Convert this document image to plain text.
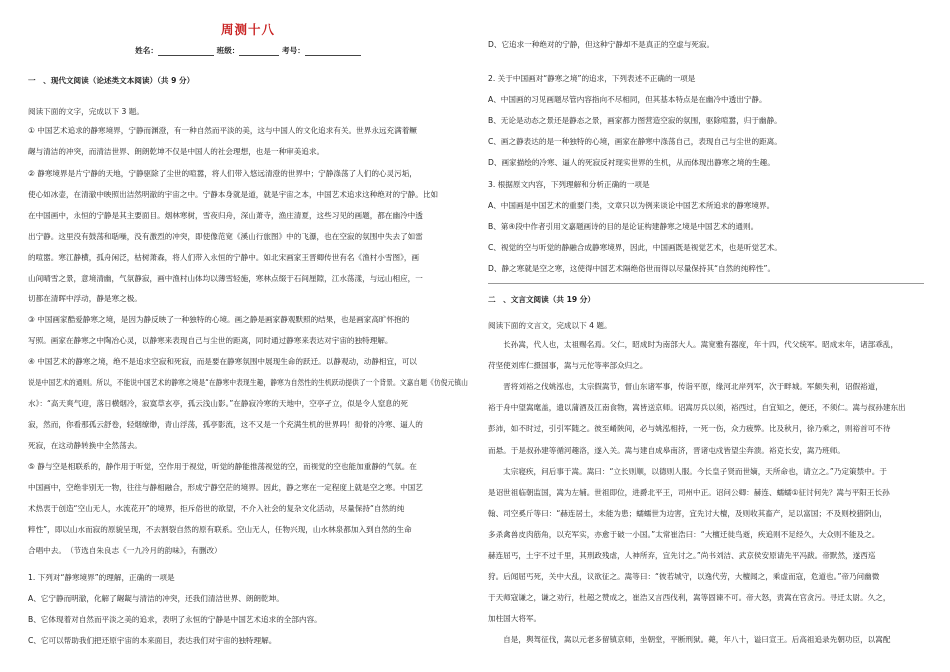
周测十八
姓名：	班级：	考号：
一　、现代文阅读（论述类文本阅读）（共 9 分）
阅读下面的文字，完成以下 3 题。
① 中国艺术追求的静寒境界，宁静而渊澄，有一种自然而平淡的美，这与中国人的文化追求有关。世界永远充满着鳜
龌与清洁的冲突，而清洁世界、朗朗乾坤不仅是中国人的社会理想，也是一种审美追求。
② 静寒境界是片宁静的天地，宁静驱除了尘世的喧嚣，将人们带入悠远清澄的世界中；宁静涤荡了人们的心灵污垢，
使心如冰壶，在清澈中映照出洁然明澈的宇宙之中。宁静本身就是道，就是宇宙之本，中国艺术追求这种绝对的宁静。比如
在中国画中，永恒的宁静是其主要面目。烟林寒树，雪夜归舟，深山萧寺，渔庄清夏，这些习见的画题，都在幽冷中透
出宁静。这里没有鼓荡和聒噪，没有激烈的冲突，即使像范宽《溪山行旅图》中的飞瀑，也在空寂的氛围中失去了如雷
的喧嚣。寒江静横，孤舟闲泛，枯树萧森，将人们带入永恒的宁静中。如北宋画家王晋卿传世有名《渔村小雪图》，画
山间晴雪之景，意境清幽，气氛静寂，画中渔村山体均以薄雪轻施，寒林点缀于石间厘隙，江水荡漾，与远山相应，一
切都在清晖中浮动，静是寒之极。
③ 中国画家酷爱静寒之境，是因为静反映了一种独特的心境。画之静是画家静观默照的结果，也是画家高旷怀抱的
写照。画家在静寒之中陶冶心灵，以静寒来表现自己与尘世的距离，同时通过静寒来表达对宇宙的独特理解。
④ 中国艺术的静寒之境，绝不是追求空寂和死寂，而是要在静寒氛围中展现生命的跃迁。以静观动，动静相宜，可以
说是中国艺术的通则。所以，不能说中国艺术的静寒之境是“在静寒中表现生趣，静寒为自然性的生机跃动提供了一个背景。文嘉自题《仿倪元镇山
水》：“高天爽气迎，落日横烟冷，寂寞草玄亭，孤云浅山影。”在静寂冷寒的天地中，空亭孑立，似是令人窒息的死
寂，然而，你看那孤云舒卷，轻烟缭缈，青山浮荡，孤亭影流，这不又是一个充满生机的世界吗！彻骨的冷寒、逼人的
死寂，在这动静转换中全然荡去。
⑤ 静与空是相联系的，静作用于听觉，空作用于视觉，听觉的静能推荡视觉的空，而视觉的空也能加重静的气氛。在
中国画中，空绝非别无一物，往往与静相融合，形成宁静空茫的境界。因此，静之寒在一定程度上就是空之寒。中国艺
术热衷于创造“空山无人，水流花开”的境界，拒斥俗世的欲望，不介入社会的复杂文化活动，尽量保持“自然的纯
粹性”，即以山水而寂的原貌呈现，不去割裂自然的原有联系。空山无人，任物兴现，山水林泉都加入到自然的生命
合唱中去。　（节选自朱良志《一九冷月的韵味》，有删改）
1. 下列对“静寒境界”的理解，正确的一项是
A、它宁静而明澈，化解了龌龊与清洁的冲突，还我们清洁世界、朗朗乾坤。
B、它体现着对自然而平淡之美的追求，表明了永恒的宁静是中国艺术追求的全部内容。
C、它可以帮助我们把还原宇宙的本来面目，表达我们对宇宙的独特理解。
D、它追求一种绝对的宁静，但这种宁静却不是真正的空虚与死寂。
2. 关于中国画对“静寒之境”的追求，下列表述不正确的一项是
A、中国画的习见画题尽管内容指向不尽相同，但其基本特点是在幽冷中透出宁静。
B、无论是动态之景还是静态之景，画家都力图营造空寂的氛围，驱除喧嚣，归于幽静。
C、画之静表达的是一种独特的心境，画家在静寒中涤荡自己，表现自己与尘世的距离。
D、画家描绘的冷寒、逼人的死寂反衬现实世界的生机，从而体现出静寒之境的生趣。
3. 根据原文内容，下列理解和分析正确的一项是
A、中国画是中国艺术的重要门类，文章只以为例来谈论中国艺术所追求的静寒境界。
B、第④段中作者引用文嘉题画诗的目的是论证构建静寒之境是中国艺术的通则。
C、视觉的空与听觉的静融合成静寒境界，因此，中国画既是视觉艺术，也是听觉艺术。
D、静之寒就是空之寒，这使得中国艺术隔绝俗世而得以尽量保持其“自然的纯粹性”。
二　、文言文阅读（共 19 分）
阅读下面的文言文，完成以下 4 题。
　　长孙嵩，代人也，太祖赐名焉。父仁，昭成时为南部大人。嵩宽雅有器度，年十四，代父统军。昭成末年，诸部乖乱，
苻坚使刘库仁摄国事，嵩与元佗等率部众归之。
　　晋将刘裕之伐姚泓也，太宗假嵩节，督山东诸军事，传诣平原，缘河北岸列军，次于畔城。军颇失利，诏假裕道，
裕于舟中望嵩麾盖，遗以蒲酒及江南食物，嵩皆送京师。诏嵩厉兵以须，裕西过，自宜知之，便还，不须仁。嵩与叔孙建东出
彭沛，如不时过，引引军随之。彼至崤陕间，必与姚泓相持，一死一伤，众力疲弊。比及秋月，徐乃乘之，则裕首可不待
而悬。于是叔孙建等循河趣洛，遂入关。嵩与建自成皋南济，晋诸屯戍皆望尘奔溃。裕克长安，嵩乃班师。
　　太宗寝疾，问后事于嵩。嵩曰：“立长则顺，以德则人服。今长皇子贤而世嫡，天所命也，请立之。”乃定策禁中。于
是诏世祖临朝监国，嵩为左辅。世祖即位，进爵北平王，司州中正。诏问公卿：赫连、蠕蠕①征讨何先？嵩与平阳王长孙
翰、司空奚斤等曰：“赫连居土，未能为患；蠕蠕世为边害，宜先讨大檀，及则收其畜产，足以富国；不及则校猎阴山，
多杀禽兽皮肉筋角，以充军实，亦愈于破一小国。”太常崔浩曰：“大檀迁徙鸟逝，疾追则不足经久，大众则不能及之。
赫连屈丐，土宇不过千里，其刑政残虐，人神所弃，宜先讨之。”尚书刘洁、武京侯安原请先平冯跋。帝默然，遂西巡
狩。后闻屈丐死，关中大乱，议欲征之。嵩等曰：“彼若城守，以逸代劳，大檀闻之，乘虚而寇，危道也。”帝乃问幽微
于天师寇谦之，谦之劝行，杜超之赞成之，崔浩又言西伐利，嵩等固谏不可。帝大怒，责嵩在官贪污。寻迁太尉。久之，
加柱国大将军。
　　自是，舆驾征伐，嵩以元老多留镇京师，坐朝堂，平断刑狱。薨，年八十，谥曰宣王。后高祖追录先朝功臣，以嵩配
